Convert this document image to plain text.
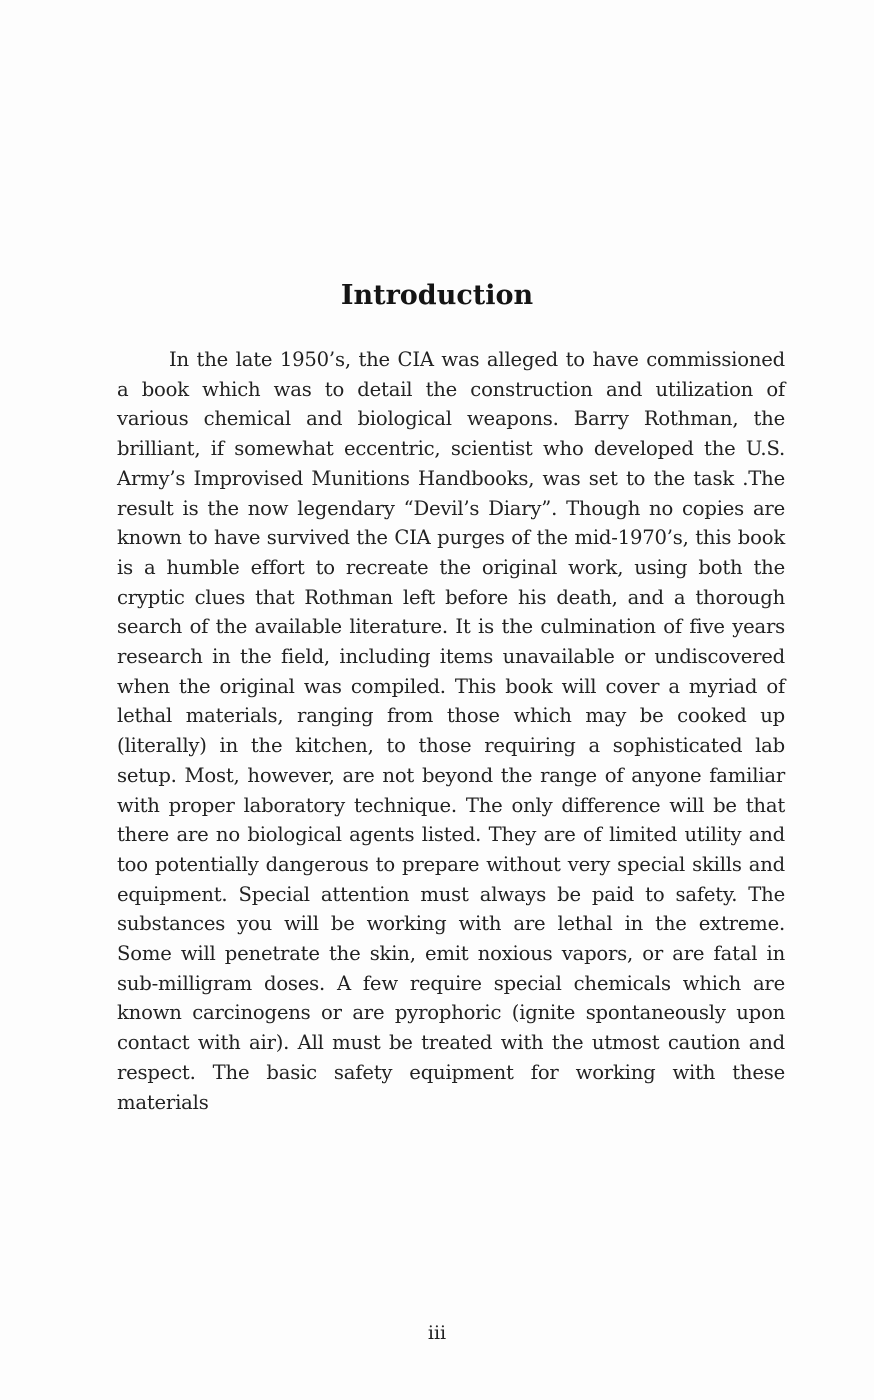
Introduction

In the late 1950’s, the CIA was alleged to have commissioned a book which was to detail the construction and utilization of various chemical and biological weapons. Barry Rothman, the brilliant, if somewhat eccentric, scientist who developed the U.S. Army’s Improvised Munitions Handbooks, was set to the task .The result is the now legendary “Devil’s Diary”. Though no copies are known to have survived the CIA purges of the mid-1970’s, this book is a humble effort to recreate the original work, using both the cryptic clues that Rothman left before his death, and a thorough search of the available literature. It is the culmination of five years research in the field, including items unavailable or undiscovered when the original was compiled. This book will cover a myriad of lethal materials, ranging from those which may be cooked up (literally) in the kitchen, to those requiring a sophisticated lab setup. Most, however, are not beyond the range of anyone familiar with proper laboratory technique. The only difference will be that there are no biological agents listed. They are of limited utility and too potentially dangerous to prepare without very special skills and equipment. Special attention must always be paid to safety. The substances you will be working with are lethal in the extreme. Some will penetrate the skin, emit noxious vapors, or are fatal in sub-milligram doses. A few require special chemicals which are known carcinogens or are pyrophoric (ignite spontaneously upon contact with air). All must be treated with the utmost caution and respect. The basic safety equipment for working with these materials

iii
